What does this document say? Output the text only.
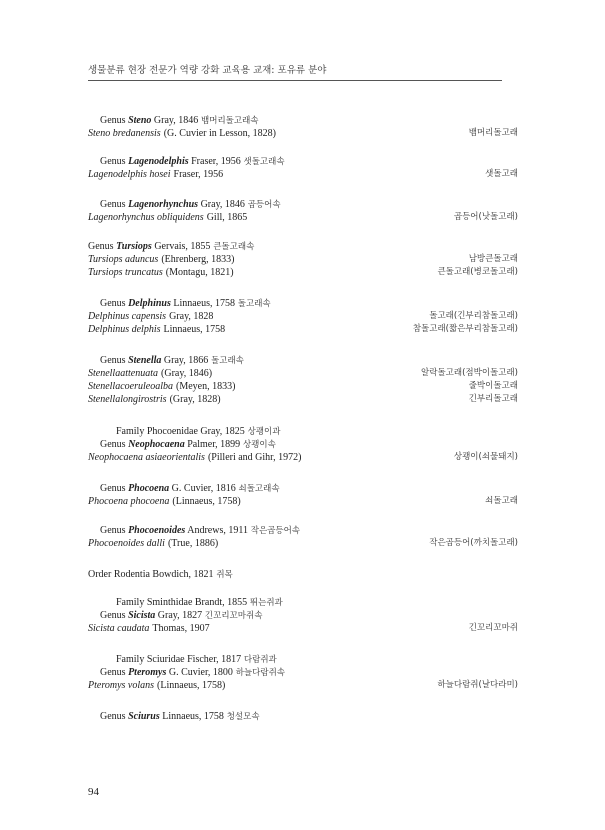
생물분류 현장 전문가 역량 강화 교육용 교재: 포유류 분야
Genus Steno Gray, 1846 뱀머리돌고래속
Steno bredanensis (G. Cuvier in Lesson, 1828)	뱀머리돌고래
Genus Lagenodelphis Fraser, 1956 샛돌고래속
Lagenodelphis hosei Fraser, 1956	샛돌고래
Genus Lagenorhynchus Gray, 1846 곱등어속
Lagenorhynchus obliquidens Gill, 1865	곱등어(낫돌고래)
Genus Tursiops Gervais, 1855 큰돌고래속
Tursiops aduncus (Ehrenberg, 1833)	남방큰돌고래
Tursiops truncatus (Montagu, 1821)	큰돌고래(병코돌고래)
Genus Delphinus Linnaeus, 1758 돌고래속
Delphinus capensis Gray, 1828	돌고래(긴부리참돌고래)
Delphinus delphis Linnaeus, 1758	참돌고래(짧은부리참돌고래)
Genus Stenella Gray, 1866 돌고래속
Stenellaattenuata (Gray, 1846)	알락돌고래(점박이돌고래)
Stenellacoeruleoalba (Meyen, 1833)	줄박이돌고래
Stenellalongirostris (Gray, 1828)	긴부리돌고래
Family Phocoenidae Gray, 1825 상괭이과
Genus Neophocaena Palmer, 1899 상괭이속
Neophocaena asiaeorientalis (Pilleri and Gihr, 1972)	상괭이(쇠물돼지)
Genus Phocoena G. Cuvier, 1816 쇠돌고래속
Phocoena phocoena (Linnaeus, 1758)	쇠돌고래
Genus Phocoenoides Andrews, 1911 작은곱등어속
Phocoenoides dalli (True, 1886)	작은곱등어(까치돌고래)
Order Rodentia Bowdich, 1821 쥐목
Family Sminthidae Brandt, 1855 뛰는쥐과
Genus Sicista Gray, 1827 긴꼬리꼬마쥐속
Sicista caudata Thomas, 1907	긴꼬리꼬마쥐
Family Sciuridae Fischer, 1817 다람쥐과
Genus Pteromys G. Cuvier, 1800 하늘다람쥐속
Pteromys volans (Linnaeus, 1758)	하늘다람쥐(날다라미)
Genus Sciurus Linnaeus, 1758 청설모속
94
